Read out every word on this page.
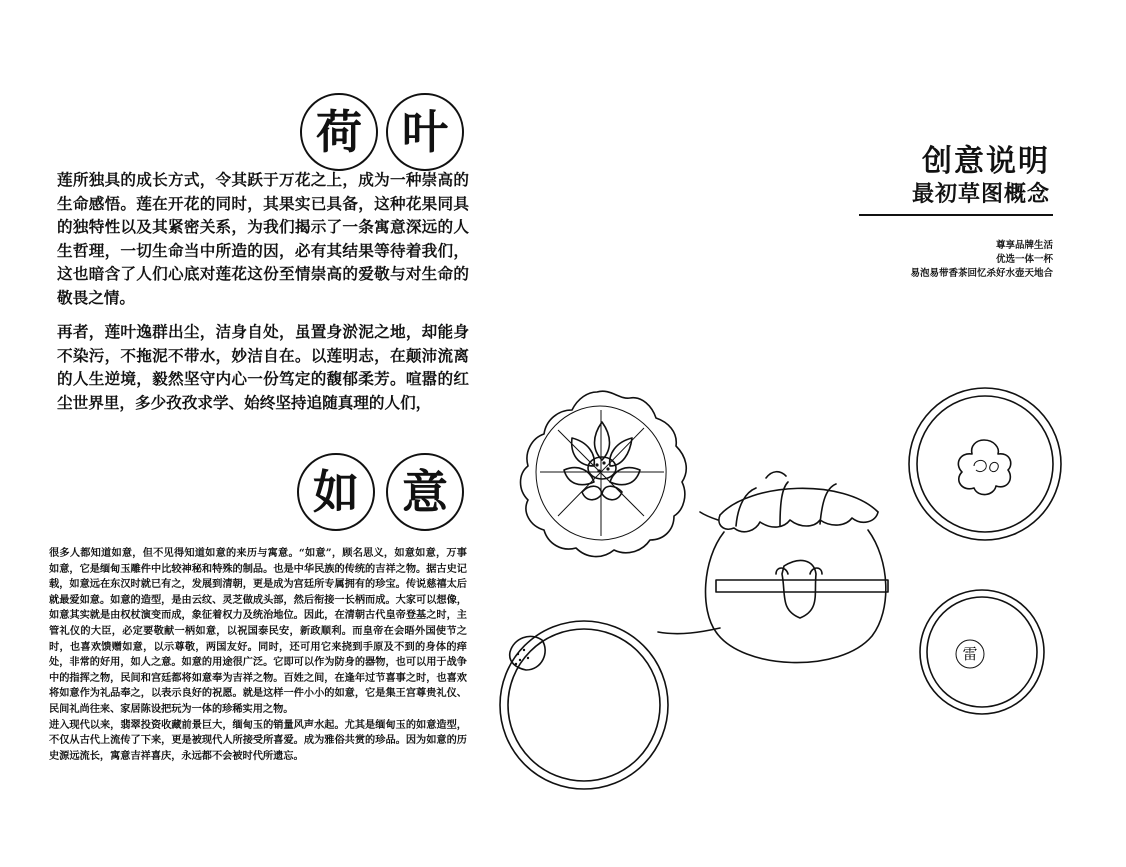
荷 叶
莲所独具的成长方式，令其跃于万花之上，成为一种崇高的生命感悟。莲在开花的同时，其果实已具备，这种花果同具的独特性以及其紧密关系，为我们揭示了一条寓意深远的人生哲理，一切生命当中所造的因，必有其结果等待着我们，这也暗含了人们心底对莲花这份至情崇高的爱敬与对生命的敬畏之情。
再者，莲叶逸群出尘，洁身自处，虽置身淤泥之地，却能身不染污，不拖泥不带水，妙洁自在。以莲明志，在颠沛流离的人生逆境，毅然坚守内心一份笃定的馥郁柔芳。喧嚣的红尘世界里，多少孜孜求学、始终坚持追随真理的人们，
如 意

很多人都知道如意，但不见得知道如意的来历与寓意。“如意”，顾名思义，如意如意，万事如意，它是缅甸玉雕件中比较神秘和特殊的制品。也是中华民族的传统的吉祥之物。据古史记载，如意远在东汉时就已有之，发展到清朝，更是成为宫廷所专属拥有的珍宝。传说慈禧太后就最爱如意。如意的造型，是由云纹、灵芝做成头部，然后衔接一长柄而成。大家可以想像，如意其实就是由权杖演变而成，象征着权力及统治地位。因此，在清朝古代皇帝登基之时，主管礼仪的大臣，必定要敬献一柄如意，以祝国泰民安，新政顺利。而皇帝在会晤外国使节之时，也喜欢馈赠如意，以示尊敬，两国友好。同时，还可用它来挠到手原及不到的身体的痒处，非常的好用，如人之意。如意的用途很广泛。它即可以作为防身的器物，也可以用于战争中的指挥之物，民间和宫廷都将如意奉为吉祥之物。百姓之间，在逢年过节喜事之时，也喜欢将如意作为礼品奉之，以表示良好的祝愿。就是这样一件小小的如意，它是集王宫尊贵礼仪、民间礼尚往来、家居陈设把玩为一体的珍稀实用之物。

进入现代以来，翡翠投资收藏前景巨大，缅甸玉的销量风声水起。尤其是缅甸玉的如意造型，不仅从古代上流传了下来，更是被现代人所接受所喜爱。成为雅俗共赏的珍品。因为如意的历史源远流长，寓意吉祥喜庆，永远都不会被时代所遗忘。

创意说明
最初草图概念
尊享品牌生活
优选一体一杯
易泡易带香茶回忆杀好水壶天地合
雷
